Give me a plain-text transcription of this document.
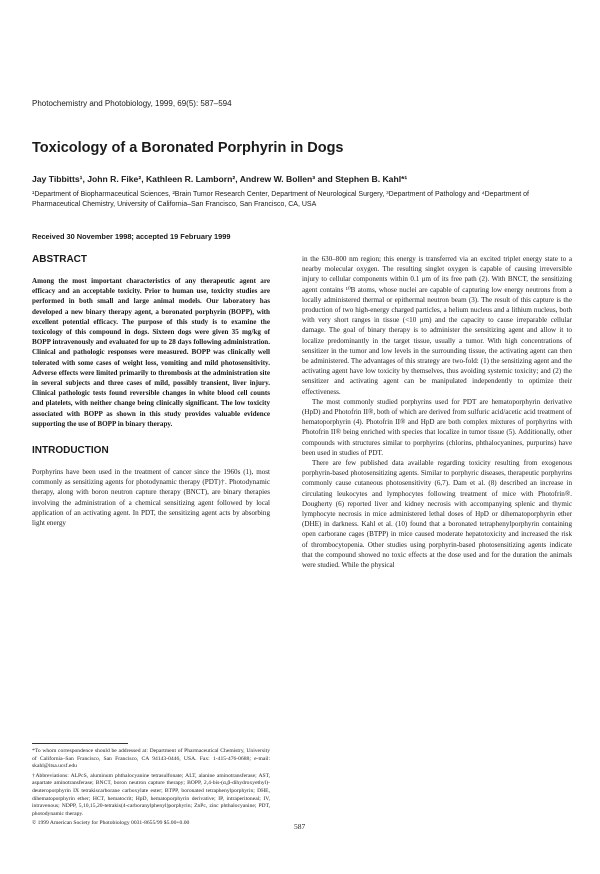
Photochemistry and Photobiology, 1999, 69(5): 587–594
Toxicology of a Boronated Porphyrin in Dogs
Jay Tibbitts¹, John R. Fike², Kathleen R. Lamborn², Andrew W. Bollen³ and Stephen B. Kahl*¹
¹Department of Biopharmaceutical Sciences, ²Brain Tumor Research Center, Department of Neurological Surgery, ³Department of Pathology and ⁴Department of Pharmaceutical Chemistry, University of California–San Francisco, San Francisco, CA, USA
Received 30 November 1998; accepted 19 February 1999
ABSTRACT

Among the most important characteristics of any therapeutic agent are efficacy and an acceptable toxicity. Prior to human use, toxicity studies are performed in both small and large animal models. Our laboratory has developed a new binary therapy agent, a boronated porphyrin (BOPP), with excellent potential efficacy. The purpose of this study is to examine the toxicology of this compound in dogs. Sixteen dogs were given 35 mg/kg of BOPP intravenously and evaluated for up to 28 days following administration. Clinical and pathologic responses were measured. BOPP was clinically well tolerated with some cases of weight loss, vomiting and mild photosensitivity. Adverse effects were limited primarily to thrombosis at the administration site in several subjects and three cases of mild, possibly transient, liver injury. Clinical pathologic tests found reversible changes in white blood cell counts and platelets, with neither change being clinically significant. The low toxicity associated with BOPP as shown in this study provides valuable evidence supporting the use of BOPP in binary therapy.

INTRODUCTION

Porphyrins have been used in the treatment of cancer since the 1960s (1), most commonly as sensitizing agents for photodynamic therapy (PDT)†. Photodynamic therapy, along with boron neutron capture therapy (BNCT), are binary therapies involving the administration of a chemical sensitizing agent followed by local application of an activating agent. In PDT, the sensitizing agent acts by absorbing light energy

*To whom correspondence should be addressed at: Department of Pharmaceutical Chemistry, University of California–San Francisco, San Francisco, CA 94143-0446, USA. Fax: 1-415-476-0688; e-mail: skahl@itsa.ucsf.edu

†Abbreviations: ALPcS, aluminum phthalocyanine tetrasulfonate; ALT, alanine aminotransferase; AST, aspartate aminotransferase; BNCT, boron neutron capture therapy; BOPP, 2,4-bis-(α,β-dihydroxyethyl)-deuteroporphyrin IX tetrakiscarborane carboxylate ester; BTPP, boronated tetraphenylporphyrin; DHE, dihematoporphyrin ether; HCT, hematocrit; HpD, hematoporphyrin derivative; IP, intraperitoneal; IV, intravenous; NDPP, 5,10,15,20-tetrakis(4-carboranylphenyl)porphyrin; ZnPc, zinc phthalocyanine; PDT, photodynamic therapy.

© 1999 American Society for Photobiology 0031-8655/99 $5.00+0.00

in the 630–800 nm region; this energy is transferred via an excited triplet energy state to a nearby molecular oxygen. The resulting singlet oxygen is capable of causing irreversible injury to cellular components within 0.1 μm of its free path (2). With BNCT, the sensitizing agent contains ¹⁰B atoms, whose nuclei are capable of capturing low energy neutrons from a locally administered thermal or epithermal neutron beam (3). The result of this capture is the production of two high-energy charged particles, a helium nucleus and a lithium nucleus, both with very short ranges in tissue (<10 μm) and the capacity to cause irreparable cellular damage. The goal of binary therapy is to administer the sensitizing agent and allow it to localize predominantly in the target tissue, usually a tumor. With high concentrations of sensitizer in the tumor and low levels in the surrounding tissue, the activating agent can then be administered. The advantages of this strategy are two-fold: (1) the sensitizing agent and the activating agent have low toxicity by themselves, thus avoiding systemic toxicity; and (2) the sensitizer and activating agent can be manipulated independently to optimize their effectiveness.

The most commonly studied porphyrins used for PDT are hematoporphyrin derivative (HpD) and Photofrin II®, both of which are derived from sulfuric acid/acetic acid treatment of hematoporphyrin (4). Photofrin II® and HpD are both complex mixtures of porphyrins with Photofrin II® being enriched with species that localize in tumor tissue (5). Additionally, other compounds with structures similar to porphyrins (chlorins, phthalocyanines, purpurins) have been used in studies of PDT.

There are few published data available regarding toxicity resulting from exogenous porphyrin-based photosensitizing agents. Similar to porphyric diseases, therapeutic porphyrins commonly cause cutaneous photosensitivity (6,7). Dam et al. (8) described an increase in circulating leukocytes and lymphocytes following treatment of mice with Photofrin®. Dougherty (6) reported liver and kidney necrosis with accompanying splenic and thymic lymphocyte necrosis in mice administered lethal doses of HpD or dihematoporphyrin ether (DHE) in darkness. Kahl et al. (10) found that a boronated tetraphenylporphyrin containing open carborane cages (BTPP) in mice caused moderate hepatotoxicity and increased the risk of thrombocytopenia. Other studies using porphyrin-based photosensitizing agents indicate that the compound showed no toxic effects at the dose used and for the duration the animals were studied. While the physical

587
